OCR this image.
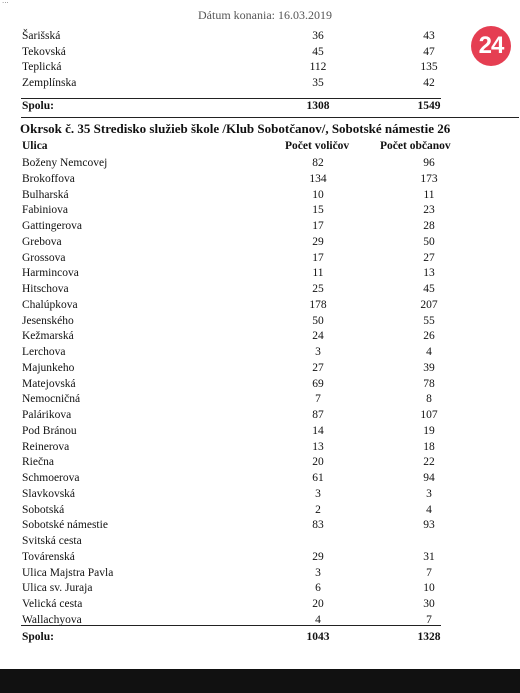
...
Dátum konania: 16.03.2019
24
Šarišská	36	43
Tekovská	45	47
Teplická	112	135
Zemplínska	35	42
Spolu:	1308	1549
Okrsok č. 35 Stredisko služieb škole /Klub Sobotčanov/, Sobotské námestie 26
Ulica	Počet voličov	Počet občanov
Boženy Nemcovej	82	96
Brokoffova	134	173
Bulharská	10	11
Fabiniova	15	23
Gattingerova	17	28
Grebova	29	50
Grossova	17	27
Harmincova	11	13
Hitschova	25	45
Chalúpkova	178	207
Jesenského	50	55
Kežmarská	24	26
Lerchova	3	4
Majunkeho	27	39
Matejovská	69	78
Nemocničná	7	8
Palárikova	87	107
Pod Bránou	14	19
Reinerova	13	18
Riečna	20	22
Schmoerova	61	94
Slavkovská	3	3
Sobotská	2	4
Sobotské námestie	83	93
Svitská cesta
Továrenská	29	31
Ulica Majstra Pavla	3	7
Ulica sv. Juraja	6	10
Velická cesta	20	30
Wallachyova	4	7
Spolu:	1043	1328
